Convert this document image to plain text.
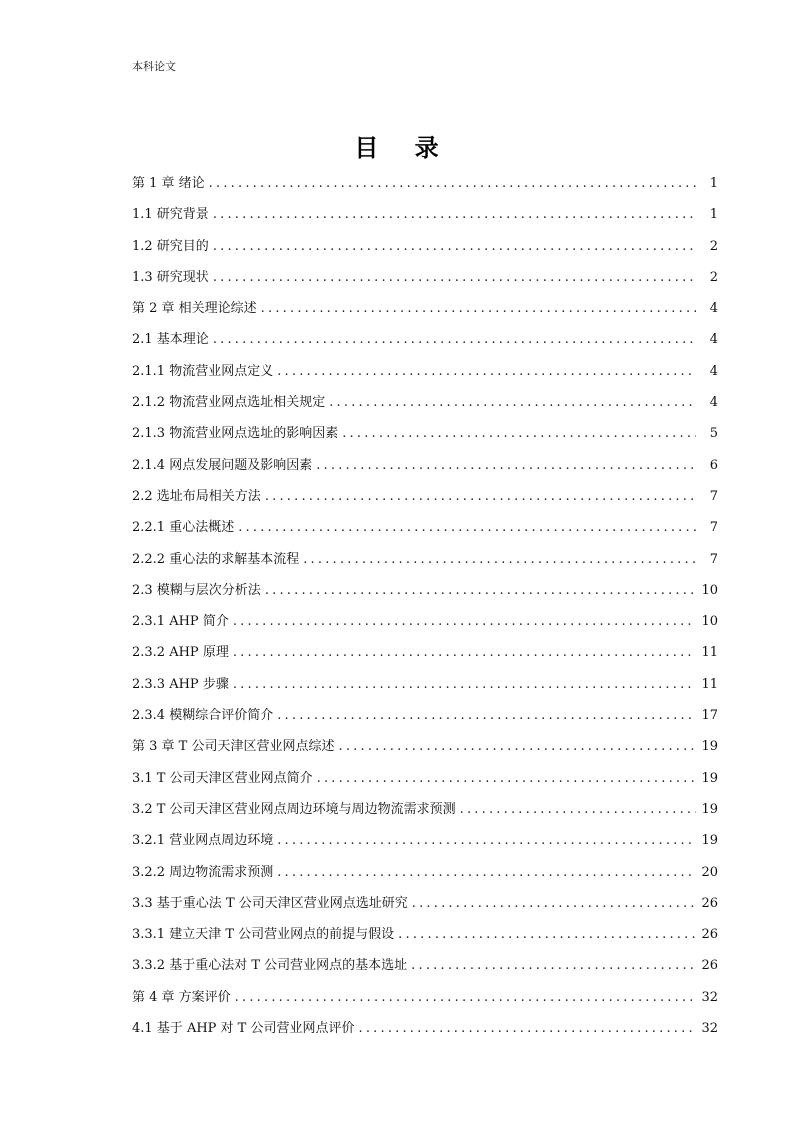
本科论文
目 录
第 1 章 绪论 .....	1
1.1 研究背景 .....	1
1.2 研究目的 .....	2
1.3 研究现状 .....	2
第 2 章 相关理论综述 .....	4
2.1 基本理论 .....	4
2.1.1 物流营业网点定义 .....	4
2.1.2 物流营业网点选址相关规定 .....	4
2.1.3 物流营业网点选址的影响因素 .....	5
2.1.4 网点发展问题及影响因素 .....	6
2.2 选址布局相关方法 .....	7
2.2.1 重心法概述 .....	7
2.2.2 重心法的求解基本流程 .....	7
2.3 模糊与层次分析法 .....	10
2.3.1 AHP 简介 .....	10
2.3.2 AHP 原理 .....	11
2.3.3 AHP 步骤 .....	11
2.3.4 模糊综合评价简介 .....	17
第 3 章 T 公司天津区营业网点综述 .....	19
3.1 T 公司天津区营业网点简介 .....	19
3.2 T 公司天津区营业网点周边环境与周边物流需求预测 .....	19
3.2.1 营业网点周边环境 .....	19
3.2.2 周边物流需求预测 .....	20
3.3 基于重心法 T 公司天津区营业网点选址研究 .....	26
3.3.1 建立天津 T 公司营业网点的前提与假设 .....	26
3.3.2 基于重心法对 T 公司营业网点的基本选址 .....	26
第 4 章 方案评价 .....	32
4.1 基于 AHP 对 T 公司营业网点评价 .....	32
